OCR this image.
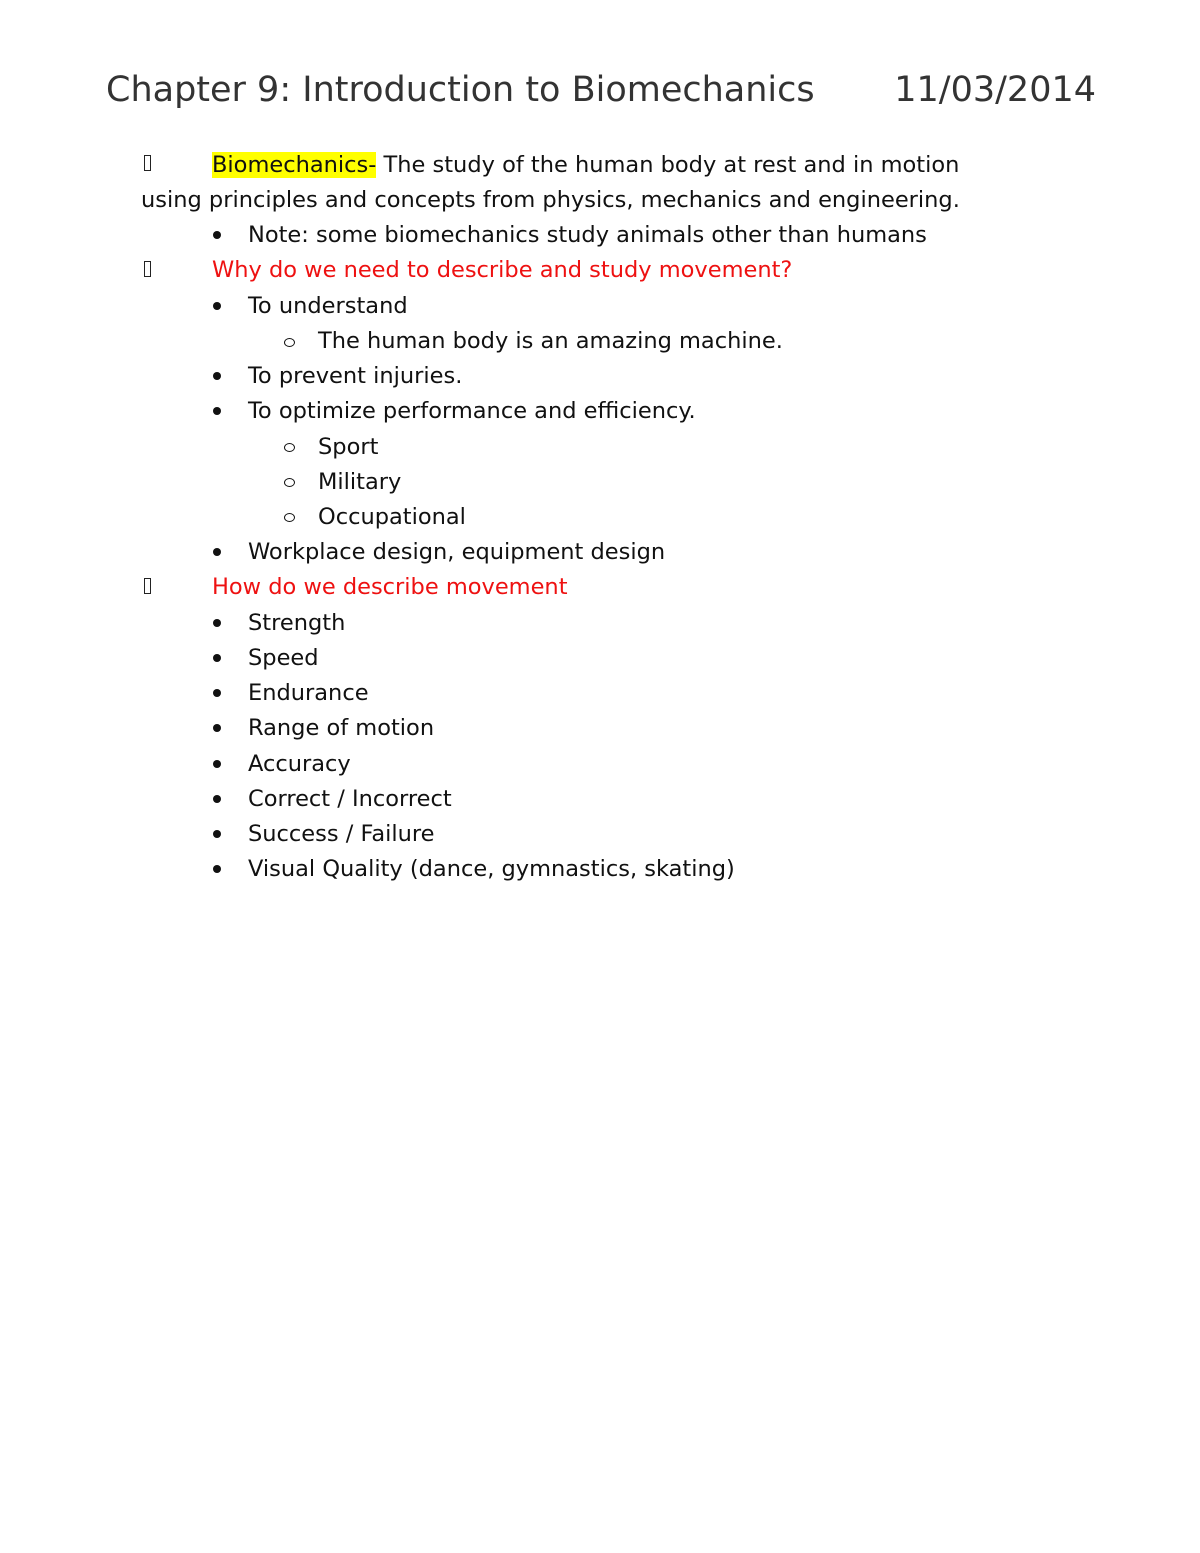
Chapter 9: Introduction to Biomechanics 11/03/2014
Biomechanics- The study of the human body at rest and in motion
using principles and concepts from physics, mechanics and engineering.
Note: some biomechanics study animals other than humans
Why do we need to describe and study movement?
To understand
The human body is an amazing machine.
To prevent injuries.
To optimize performance and efficiency.
Sport
Military
Occupational
Workplace design, equipment design
How do we describe movement
Strength
Speed
Endurance
Range of motion
Accuracy
Correct / Incorrect
Success / Failure
Visual Quality (dance, gymnastics, skating)
